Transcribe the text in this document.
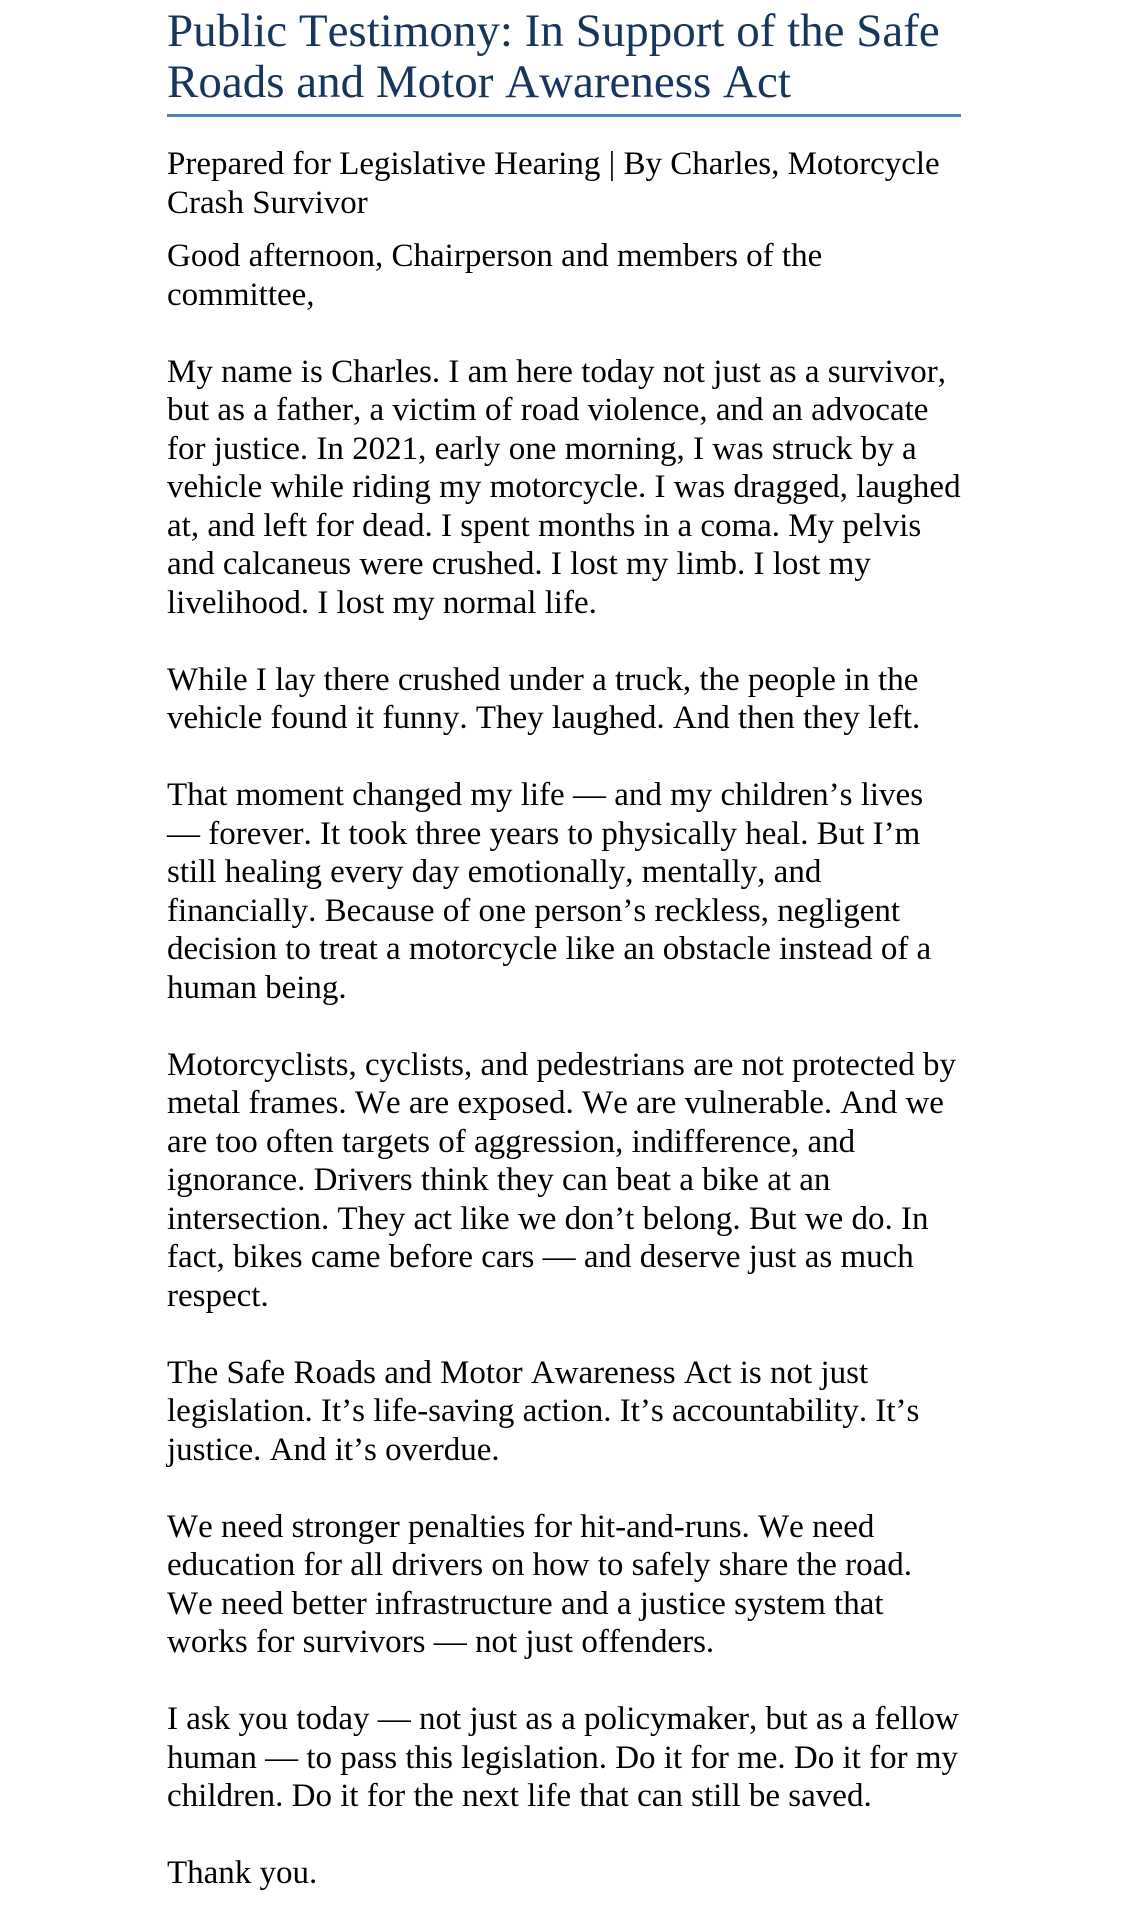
Public Testimony: In Support of the Safe Roads and Motor Awareness Act
Prepared for Legislative Hearing | By Charles, Motorcycle Crash Survivor

Good afternoon, Chairperson and members of the committee,

My name is Charles. I am here today not just as a survivor, but as a father, a victim of road violence, and an advocate for justice. In 2021, early one morning, I was struck by a vehicle while riding my motorcycle. I was dragged, laughed at, and left for dead. I spent months in a coma. My pelvis and calcaneus were crushed. I lost my limb. I lost my livelihood. I lost my normal life.

While I lay there crushed under a truck, the people in the vehicle found it funny. They laughed. And then they left.

That moment changed my life — and my children’s lives — forever. It took three years to physically heal. But I’m still healing every day emotionally, mentally, and financially. Because of one person’s reckless, negligent decision to treat a motorcycle like an obstacle instead of a human being.

Motorcyclists, cyclists, and pedestrians are not protected by metal frames. We are exposed. We are vulnerable. And we are too often targets of aggression, indifference, and ignorance. Drivers think they can beat a bike at an intersection. They act like we don’t belong. But we do. In fact, bikes came before cars — and deserve just as much respect.

The Safe Roads and Motor Awareness Act is not just legislation. It’s life-saving action. It’s accountability. It’s justice. And it’s overdue.

We need stronger penalties for hit-and-runs. We need education for all drivers on how to safely share the road. We need better infrastructure and a justice system that works for survivors — not just offenders.

I ask you today — not just as a policymaker, but as a fellow human — to pass this legislation. Do it for me. Do it for my children. Do it for the next life that can still be saved.

Thank you.
